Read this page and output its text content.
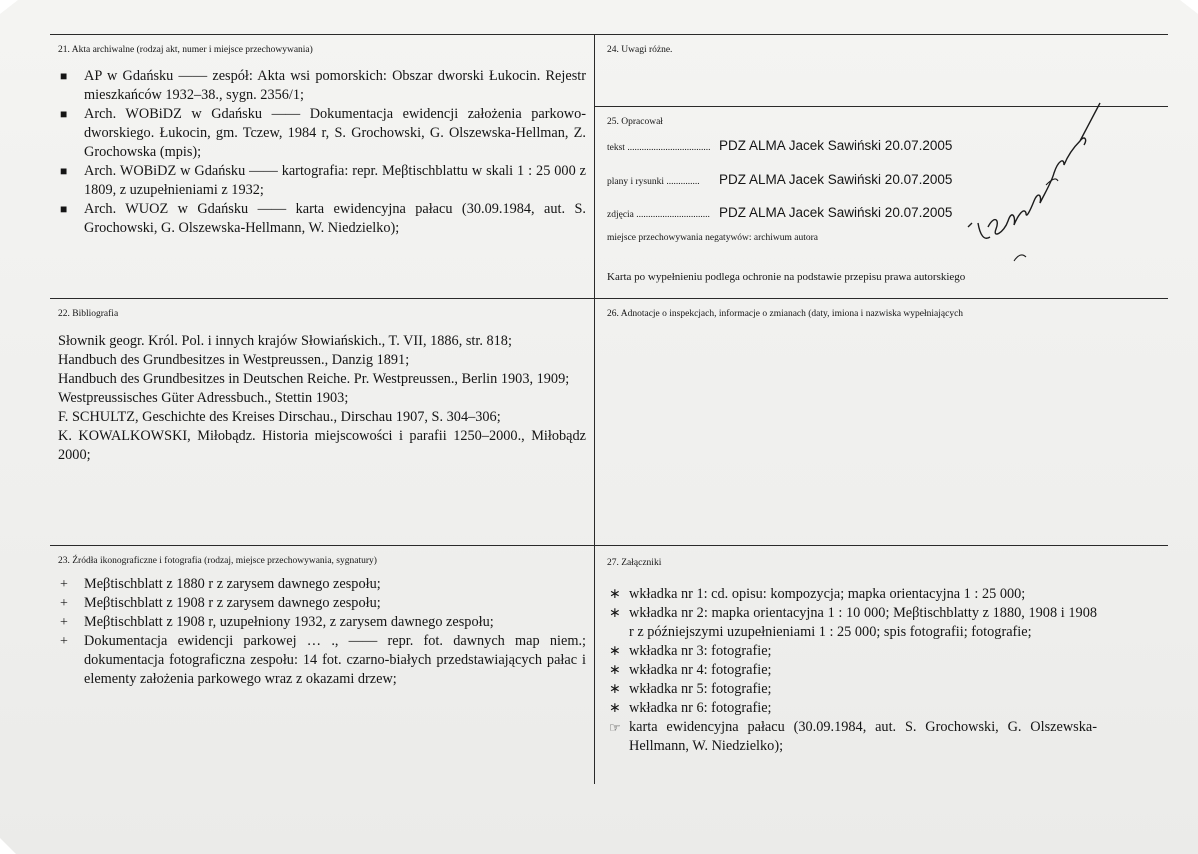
21. Akta archiwalne (rodzaj akt, numer i miejsce przechowywania)
■	AP w Gdańsku —— zespół: Akta wsi pomorskich: Obszar dworski Łukocin. Rejestr mieszkańców 1932–38., sygn. 2356/1;
■	Arch. WOBiDZ w Gdańsku —— Dokumentacja ewidencji założenia parkowo-dworskiego. Łukocin, gm. Tczew, 1984 r, S. Grochowski, G. Olszewska-Hellman, Z. Grochowska (mpis);
■	Arch. WOBiDZ w Gdańsku —— kartografia: repr. Meβtischblattu w skali 1 : 25 000 z 1809, z uzupełnieniami z 1932;
■	Arch. WUOZ w Gdańsku —— karta ewidencyjna pałacu (30.09.1984, aut. S. Grochowski, G. Olszewska-Hellmann, W. Niedzielko);
24. Uwagi różne.
25. Opracował
tekst ................................... PDZ ALMA Jacek Sawiński 20.07.2005
plany i rysunki ..............	PDZ ALMA Jacek Sawiński 20.07.2005
zdjęcia ............................... PDZ ALMA Jacek Sawiński 20.07.2005
miejsce przechowywania negatywów: archiwum autora
Karta po wypełnieniu podlega ochronie na podstawie przepisu prawa autorskiego
22. Bibliografia
Słownik geogr. Król. Pol. i innych krajów Słowiańskich., T. VII, 1886, str. 818;
Handbuch des Grundbesitzes in Westpreussen., Danzig 1891;
Handbuch des Grundbesitzes in Deutschen Reiche. Pr. Westpreussen., Berlin 1903, 1909;
Westpreussisches Güter Adressbuch., Stettin 1903;
F. SCHULTZ, Geschichte des Kreises Dirschau., Dirschau 1907, S. 304–306;
K. KOWALKOWSKI, Miłobądz. Historia miejscowości i parafii 1250–2000., Miłobądz 2000;
26. Adnotacje o inspekcjach, informacje o zmianach (daty, imiona i nazwiska wypełniających
23. Źródła ikonograficzne i fotografia (rodzaj, miejsce przechowywania, sygnatury)
+	Meβtischblatt z 1880 r z zarysem dawnego zespołu;
+	Meβtischblatt z 1908 r z zarysem dawnego zespołu;
+	Meβtischblatt z 1908 r, uzupełniony 1932, z zarysem dawnego zespołu;
+	Dokumentacja ewidencji parkowej … ., —— repr. fot. dawnych map niem.; dokumentacja fotograficzna zespołu: 14 fot. czarno-białych przedstawiających pałac i elementy założenia parkowego wraz z okazami drzew;
27. Załączniki
∗ wkładka nr 1: cd. opisu: kompozycja; mapka orientacyjna 1 : 25 000;
∗ wkładka nr 2: mapka orientacyjna 1 : 10 000; Meβtischblatty z 1880, 1908 i 1908 r z późniejszymi uzupełnieniami 1 : 25 000; spis fotografii; fotografie;
∗ wkładka nr 3: fotografie;
∗ wkładka nr 4: fotografie;
∗ wkładka nr 5: fotografie;
∗ wkładka nr 6: fotografie;
☞ karta ewidencyjna pałacu (30.09.1984, aut. S. Grochowski, G. Olszewska-Hellmann, W. Niedzielko);
